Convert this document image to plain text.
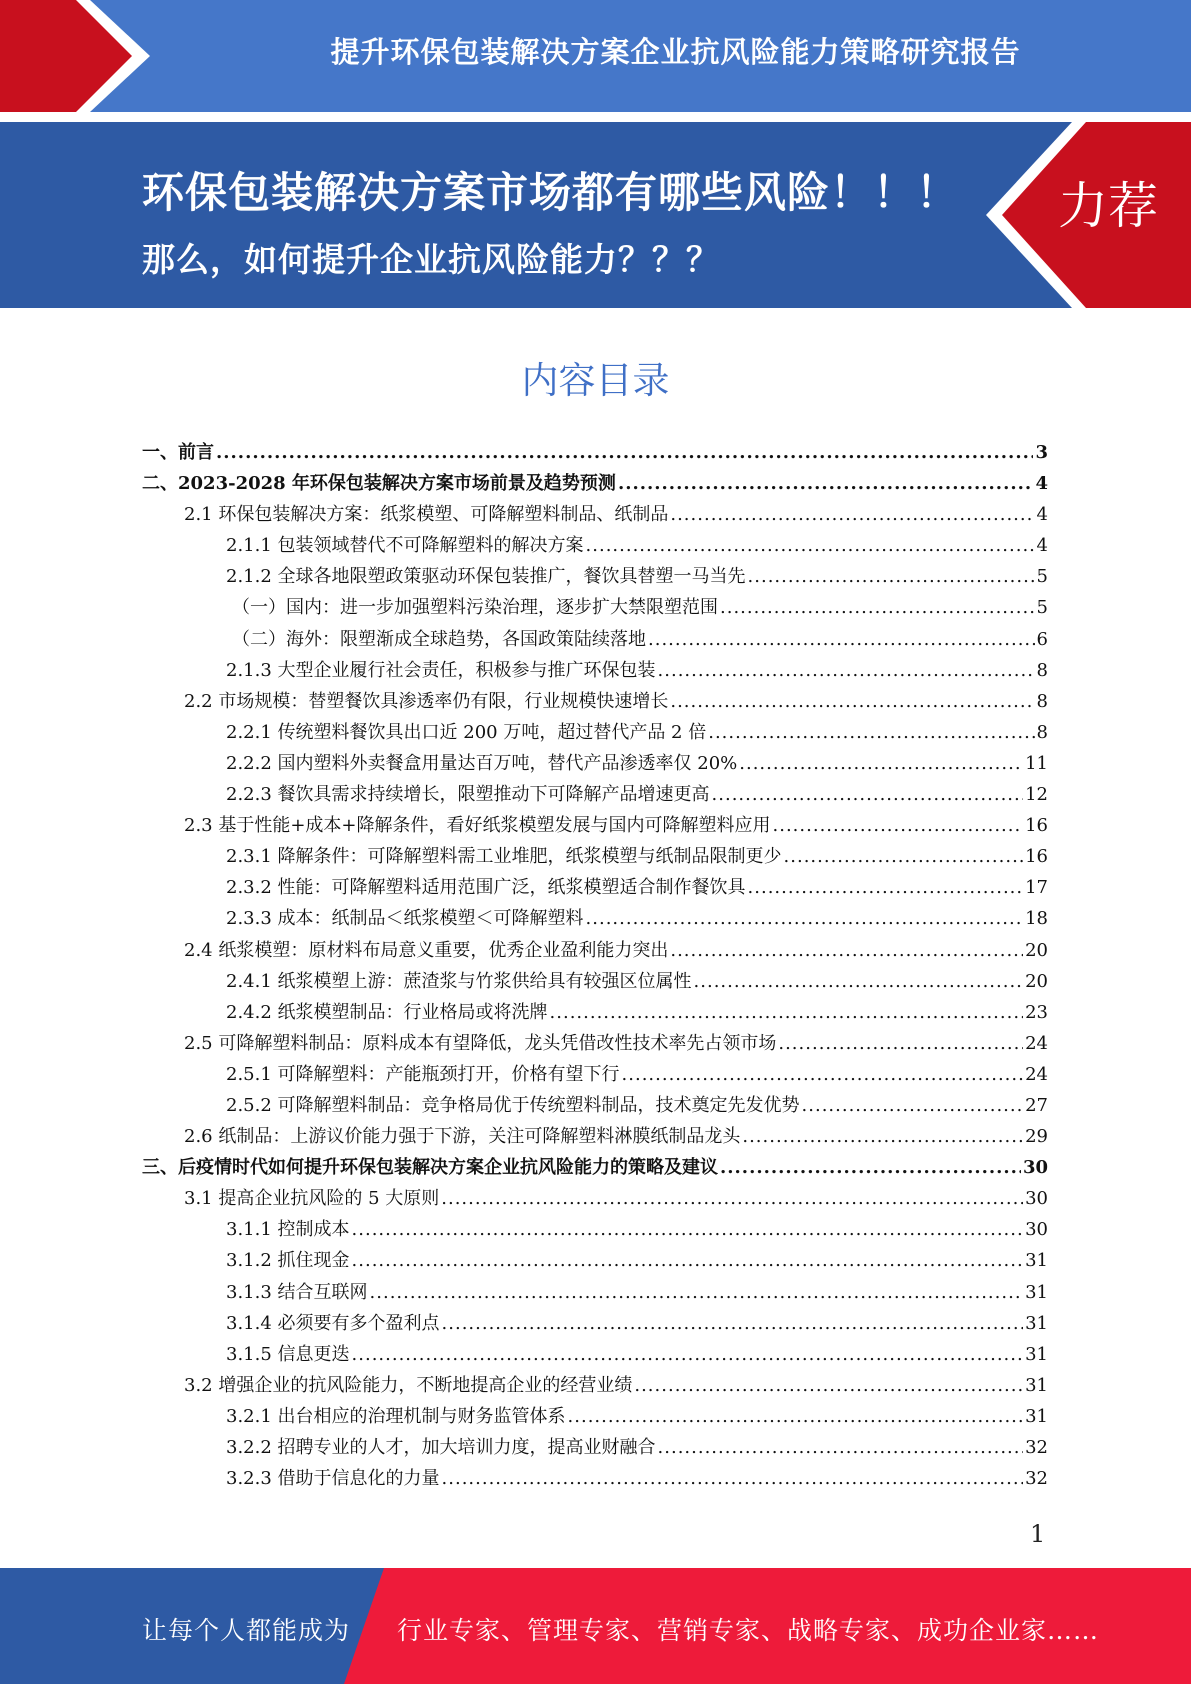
提升环保包装解决方案企业抗风险能力策略研究报告
环保包装解决方案市场都有哪些风险！！！
那么，如何提升企业抗风险能力？？？
力荐
内容目录
一、前言 .....	3
二、2023-2028 年环保包装解决方案市场前景及趋势预测 .....	4
2.1 环保包装解决方案：纸浆模塑、可降解塑料制品、纸制品 .....	4
2.1.1 包装领域替代不可降解塑料的解决方案 .....	4
2.1.2 全球各地限塑政策驱动环保包装推广，餐饮具替塑一马当先 .....	5
（一）国内：进一步加强塑料污染治理，逐步扩大禁限塑范围 .....	5
（二）海外：限塑渐成全球趋势，各国政策陆续落地 .....	6
2.1.3 大型企业履行社会责任，积极参与推广环保包装 .....	8
2.2 市场规模：替塑餐饮具渗透率仍有限，行业规模快速增长 .....	8
2.2.1 传统塑料餐饮具出口近 200 万吨，超过替代产品 2 倍 .....	8
2.2.2 国内塑料外卖餐盒用量达百万吨，替代产品渗透率仅 20% .....	11
2.2.3 餐饮具需求持续增长，限塑推动下可降解产品增速更高 .....	12
2.3 基于性能+成本+降解条件，看好纸浆模塑发展与国内可降解塑料应用 .....	16
2.3.1 降解条件：可降解塑料需工业堆肥，纸浆模塑与纸制品限制更少 .....	16
2.3.2 性能：可降解塑料适用范围广泛，纸浆模塑适合制作餐饮具 .....	17
2.3.3 成本：纸制品＜纸浆模塑＜可降解塑料 .....	18
2.4 纸浆模塑：原材料布局意义重要，优秀企业盈利能力突出 .....	20
2.4.1 纸浆模塑上游：蔗渣浆与竹浆供给具有较强区位属性 .....	20
2.4.2 纸浆模塑制品：行业格局或将洗牌 .....	23
2.5 可降解塑料制品：原料成本有望降低，龙头凭借改性技术率先占领市场 .....	24
2.5.1 可降解塑料：产能瓶颈打开，价格有望下行 .....	24
2.5.2 可降解塑料制品：竞争格局优于传统塑料制品，技术奠定先发优势 .....	27
2.6 纸制品：上游议价能力强于下游，关注可降解塑料淋膜纸制品龙头 .....	29
三、后疫情时代如何提升环保包装解决方案企业抗风险能力的策略及建议 .....	30
3.1 提高企业抗风险的 5 大原则 .....	30
3.1.1 控制成本 .....	30
3.1.2 抓住现金 .....	31
3.1.3 结合互联网 .....	31
3.1.4 必须要有多个盈利点 .....	31
3.1.5 信息更迭 .....	31
3.2 增强企业的抗风险能力，不断地提高企业的经营业绩 .....	31
3.2.1 出台相应的治理机制与财务监管体系 .....	31
3.2.2 招聘专业的人才，加大培训力度，提高业财融合 .....	32
3.2.3 借助于信息化的力量 .....	32
1
让每个人都能成为 行业专家、管理专家、营销专家、战略专家、成功企业家……
